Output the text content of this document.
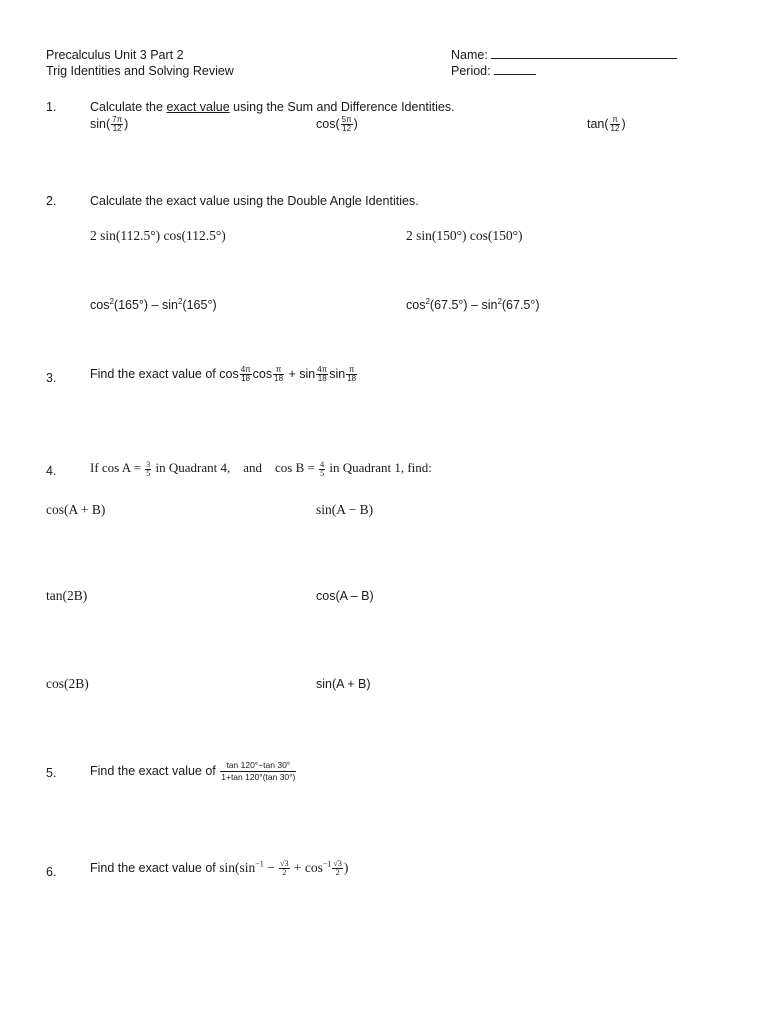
Precalculus Unit 3 Part 2
Trig Identities and Solving Review
Name:
Period:
1.	Calculate the exact value using the Sum and Difference Identities.
$\sin( \frac{7\pi}{12}$ )	$\cos( \frac{5\pi}{12}$ )	$\tan( \frac{\pi}{12}$ )
2.	Calculate the exact value using the Double Angle Identities.
2 sin(112.5°) cos(112.5°)	2 sin(150°) cos(150°)
$\cos^2(165^\circ) - \sin^2(165^\circ)$	$\cos^2(67.5^\circ) - \sin^2(67.5^\circ)$
3.	Find the exact value of $\cos \frac{4\pi}{18}$ $\cos \frac{\pi}{18} + \sin \frac{4\pi}{18}$ $\sin \frac{\pi}{18}$
4.	If $\cos A = \frac{3}{5}$ in Quadrant 4,    and    $\cos B = \frac{4}{5}$ in Quadrant 1, find:
cos(A + B)	sin(A − B)
tan(2B)	cos(A – B)
cos(2B)	sin(A + B)
5.	Find the exact value of $\frac{\tan 120^\circ-\tan 30^\circ}{1+\tan 120^\circ(\tan 30^\circ)}$
6.	Find the exact value of $\sin(\sin^{-1} - \frac{√3}{2} + \cos^{-1} \frac{√3}{2}$ )
